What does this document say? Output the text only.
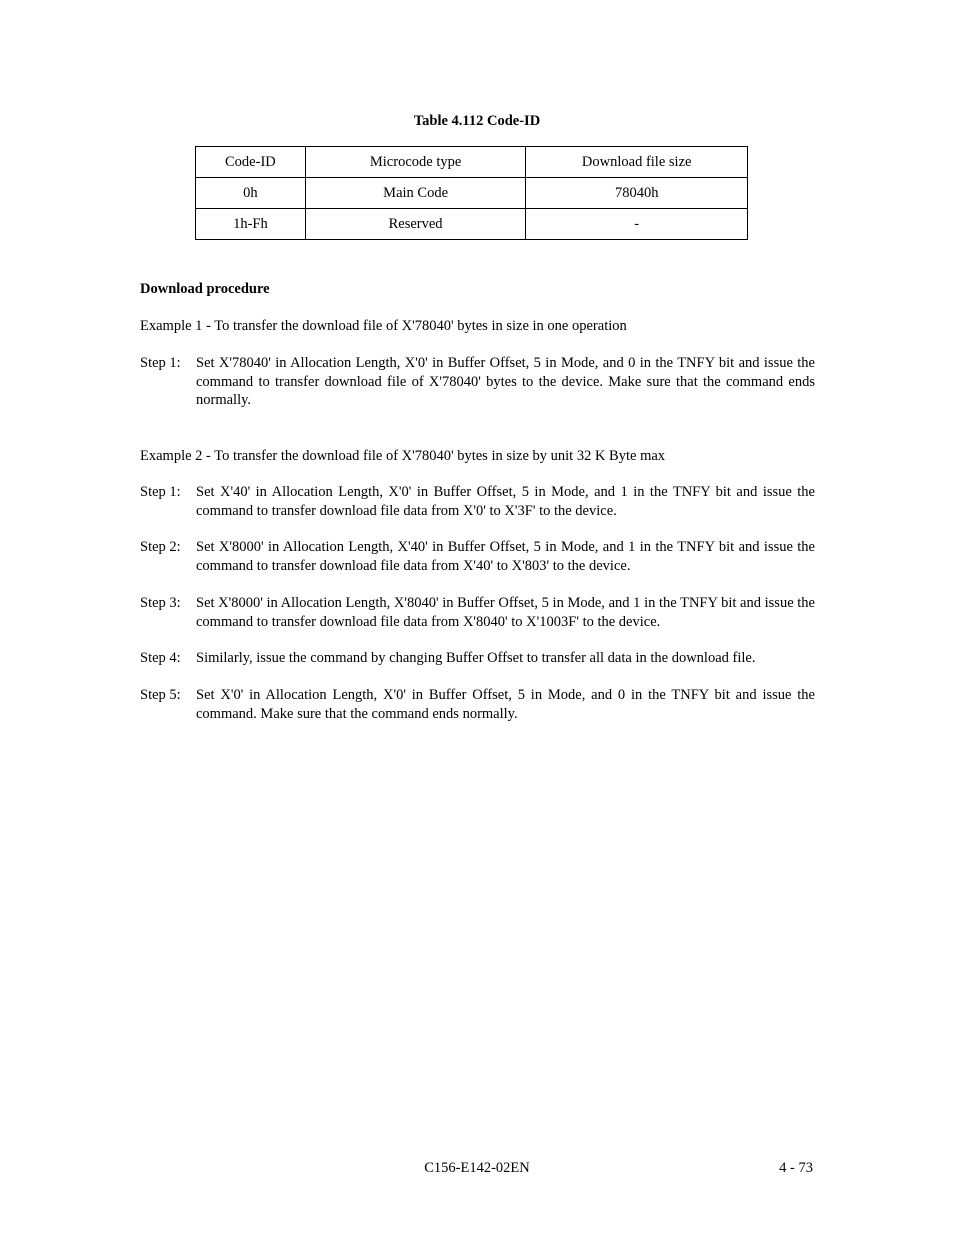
Table 4.112 Code-ID
Code-ID	Microcode type	Download file size
0h	Main Code	78040h
1h-Fh	Reserved	-
Download procedure
Example 1 - To transfer the download file of X'78040' bytes in size in one operation
Step 1:	Set X'78040' in Allocation Length, X'0' in Buffer Offset, 5 in Mode, and 0 in the TNFY bit and issue the command to transfer download file of X'78040' bytes to the device. Make sure that the command ends normally.
Example 2 - To transfer the download file of X'78040' bytes in size by unit 32 K Byte max
Step 1:	Set X'40' in Allocation Length, X'0' in Buffer Offset, 5 in Mode, and 1 in the TNFY bit and issue the command to transfer download file data from X'0' to X'3F' to the device.
Step 2:	Set X'8000' in Allocation Length, X'40' in Buffer Offset, 5 in Mode, and 1 in the TNFY bit and issue the command to transfer download file data from X'40' to X'803' to the device.
Step 3:	Set X'8000' in Allocation Length, X'8040' in Buffer Offset, 5 in Mode, and 1 in the TNFY bit and issue the command to transfer download file data from X'8040' to X'1003F' to the device.
Step 4:	Similarly, issue the command by changing Buffer Offset to transfer all data in the download file.
Step 5:	Set X'0' in Allocation Length, X'0' in Buffer Offset, 5 in Mode, and 0 in the TNFY bit and issue the command. Make sure that the command ends normally.
C156-E142-02EN	4 - 73
